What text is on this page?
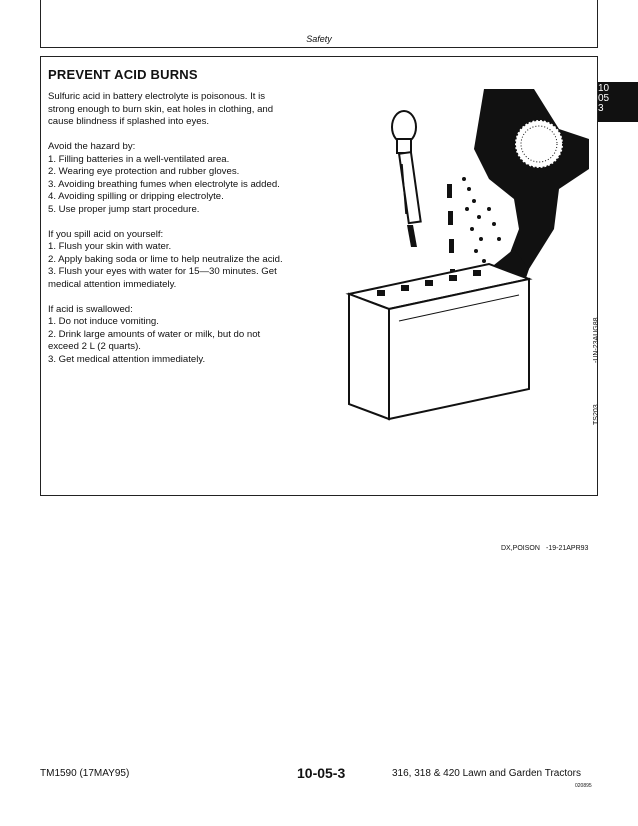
Safety
10
05
3
PREVENT ACID BURNS

Sulfuric acid in battery electrolyte is poisonous. It is
strong enough to burn skin, eat holes in clothing, and
cause blindness if splashed into eyes.

Avoid the hazard by:
1. Filling batteries in a well-ventilated area.
2. Wearing eye protection and rubber gloves.
3. Avoiding breathing fumes when electrolyte is added.
4. Avoiding spilling or dripping electrolyte.
5. Use proper jump start procedure.

If you spill acid on yourself:
1. Flush your skin with water.
2. Apply baking soda or lime to help neutralize the acid.
3. Flush your eyes with water for 15—30 minutes. Get
medical attention immediately.

If acid is swallowed:
1. Do not induce vomiting.
2. Drink large amounts of water or milk, but do not
exceed 2 L (2 quarts).
3. Get medical attention immediately.	-UN-23AUG88
TS203
DX,POISON -19-21APR93
TM1590 (17MAY95)	10-05-3	316, 318 & 420 Lawn and Garden Tractors
020895
